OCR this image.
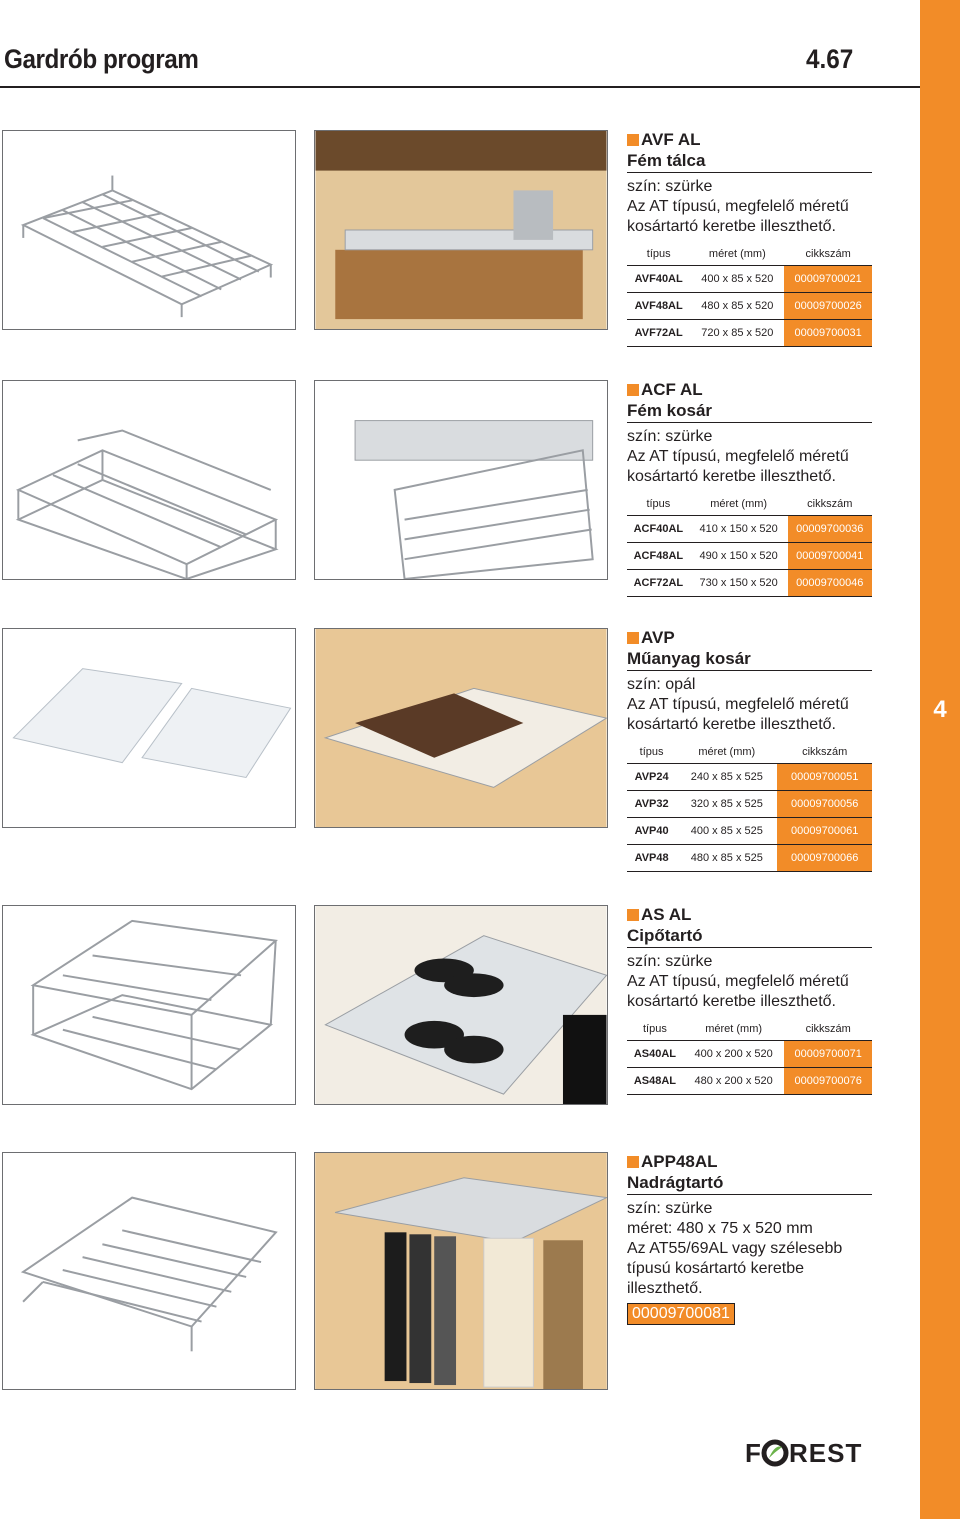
4
Gardrób program	4.67
AVF AL
Fém tálca
szín: szürke
Az AT típusú, megfelelő méretű kosártartó keretbe illeszthető.
típus	méret (mm)	cikkszám
AVF40AL	400 x 85 x 520	00009700021
AVF48AL	480 x 85 x 520	00009700026
AVF72AL	720 x 85 x 520	00009700031
ACF AL
Fém kosár
szín: szürke
Az AT típusú, megfelelő méretű kosártartó keretbe illeszthető.
típus	méret (mm)	cikkszám
ACF40AL	410 x 150 x 520	00009700036
ACF48AL	490 x 150 x 520	00009700041
ACF72AL	730 x 150 x 520	00009700046
AVP
Műanyag kosár
szín: opál
Az AT típusú, megfelelő méretű kosártartó keretbe illeszthető.
típus	méret (mm)	cikkszám
AVP24	240 x 85 x 525	00009700051
AVP32	320 x 85 x 525	00009700056
AVP40	400 x 85 x 525	00009700061
AVP48	480 x 85 x 525	00009700066
AS AL
Cipőtartó
szín: szürke
Az AT típusú, megfelelő méretű kosártartó keretbe illeszthető.
típus	méret (mm)	cikkszám
AS40AL	400 x 200 x 520	00009700071
AS48AL	480 x 200 x 520	00009700076
APP48AL
Nadrágtartó
szín: szürke
méret: 480 x 75 x 520 mm
Az AT55/69AL vagy szélesebb típusú kosártartó keretbe illeszthető.
00009700081
F REST
